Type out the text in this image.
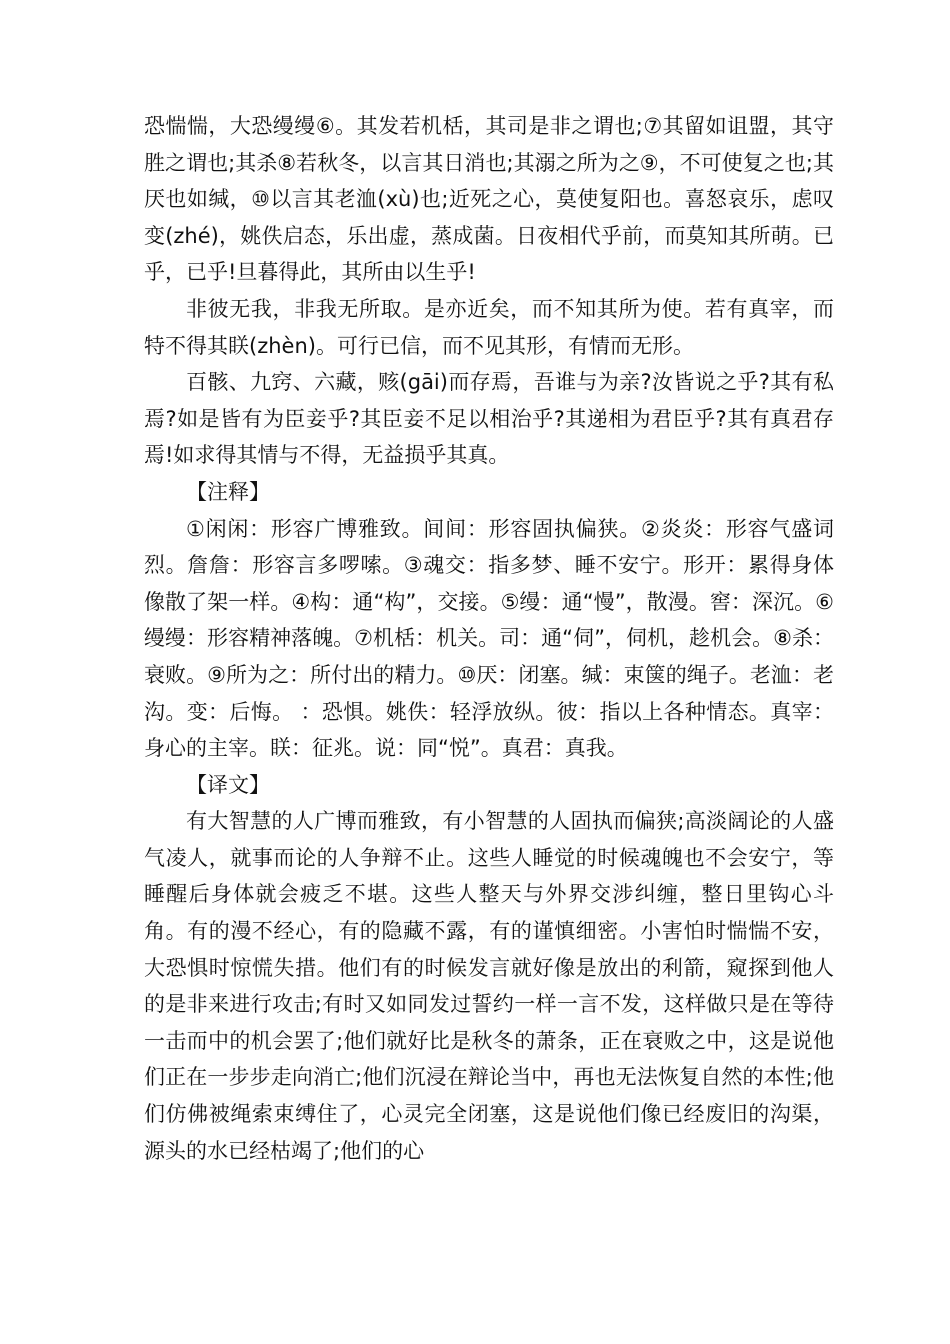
恐惴惴，大恐缦缦⑥。其发若机栝，其司是非之谓也;⑦其留如诅盟，其守胜之谓也;其杀⑧若秋冬，以言其日消也;其溺之所为之⑨，不可使复之也;其厌也如缄，⑩以言其老洫(xù)也;近死之心，莫使复阳也。喜怒哀乐，虑叹变(zhé)，姚佚启态，乐出虚，蒸成菌。日夜相代乎前，而莫知其所萌。已乎，已乎!旦暮得此，其所由以生乎!

非彼无我，非我无所取。是亦近矣，而不知其所为使。若有真宰，而特不得其眹(zhèn)。可行已信，而不见其形，有情而无形。

百骸、九窍、六藏，赅(gāi)而存焉，吾谁与为亲?汝皆说之乎?其有私焉?如是皆有为臣妾乎?其臣妾不足以相治乎?其递相为君臣乎?其有真君存焉!如求得其情与不得，无益损乎其真。

【注释】

①闲闲：形容广博雅致。间间：形容固执偏狭。②炎炎：形容气盛词烈。詹詹：形容言多啰嗦。③魂交：指多梦、睡不安宁。形开：累得身体像散了架一样。④构：通“构”，交接。⑤缦：通“慢”，散漫。窖：深沉。⑥缦缦：形容精神落魄。⑦机栝：机关。司：通“伺”，伺机，趁机会。⑧杀：衰败。⑨所为之：所付出的精力。⑩厌：闭塞。缄：束箧的绳子。老洫：老沟。变：后悔。 ：恐惧。姚佚：轻浮放纵。彼：指以上各种情态。真宰：身心的主宰。眹：征兆。说：同“悦”。真君：真我。

【译文】

有大智慧的人广博而雅致，有小智慧的人固执而偏狭;高淡阔论的人盛气凌人，就事而论的人争辩不止。这些人睡觉的时候魂魄也不会安宁，等睡醒后身体就会疲乏不堪。这些人整天与外界交涉纠缠，整日里钩心斗角。有的漫不经心，有的隐藏不露，有的谨慎细密。小害怕时惴惴不安，大恐惧时惊慌失措。他们有的时候发言就好像是放出的利箭，窥探到他人的是非来进行攻击;有时又如同发过誓约一样一言不发，这样做只是在等待一击而中的机会罢了;他们就好比是秋冬的萧条，正在衰败之中，这是说他们正在一步步走向消亡;他们沉浸在辩论当中，再也无法恢复自然的本性;他们仿佛被绳索束缚住了，心灵完全闭塞，这是说他们像已经废旧的沟渠，源头的水已经枯竭了;他们的心
